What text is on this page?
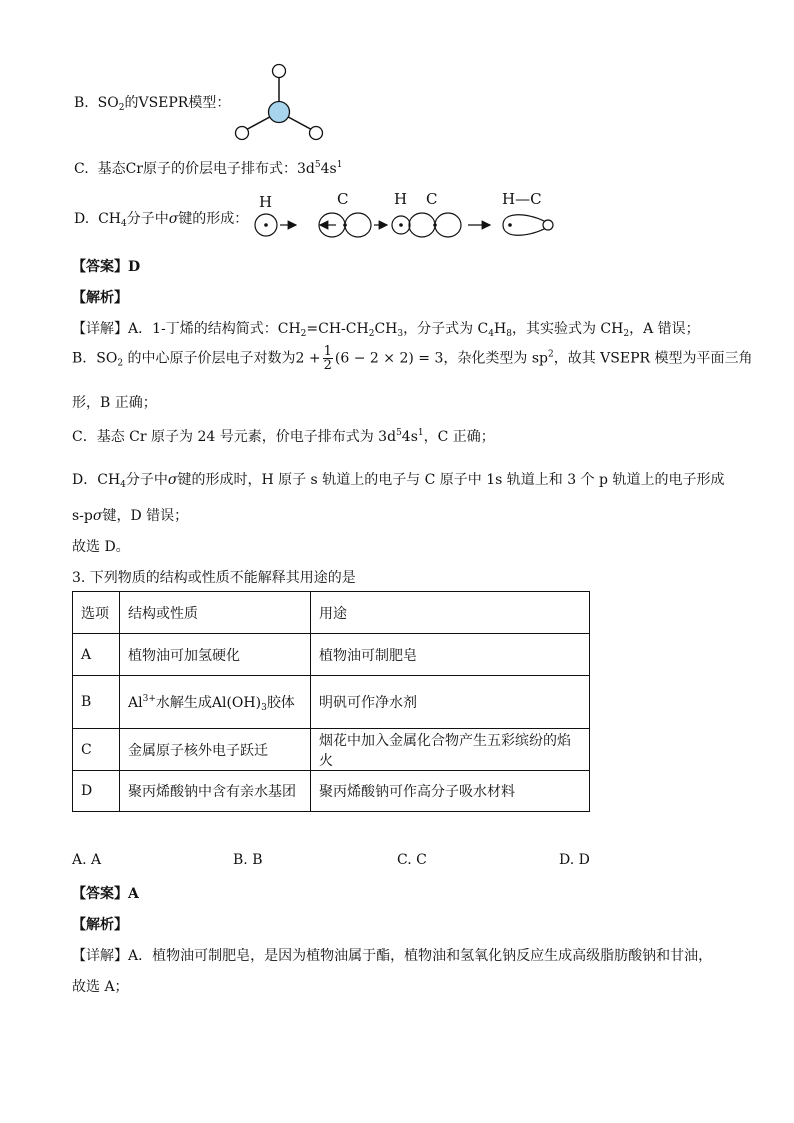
B. $SO_2$的VSEPR模型：
C. 基态Cr原子的价层电子排布式：$3d^54s^1$
D. $CH_4$分子中σ键的形成：
H	C	H C	H—C
【答案】D
【解析】
【详解】A．1-丁烯的结构简式：$CH_2=CH-CH_2CH_3$，分子式为 $C_4H_8$，其实验式为 $CH_2$，A 错误；
B．$SO_2$ 的中心原子价层电子对数为$2 + \frac{1}{2} (6 - 2 \times 2) = 3$，杂化类型为 $sp^2$，故其 VSEPR 模型为平面三角
形，B 正确；
C．基态 Cr 原子为 24 号元素，价电子排布式为 $3d^54s^1$，C 正确；
D．$CH_4$分子中σ键的形成时，H 原子 s 轨道上的电子与 C 原子中 1s 轨道上和 3 个 p 轨道上的电子形成
s-pσ键，D 错误；
故选 D。
3. 下列物质的结构或性质不能解释其用途的是
选项	结构或性质	用途
A	植物油可加氢硬化	植物油可制肥皂
B	$Al^{3+}$水解生成$Al(OH)_3$胶体	明矾可作净水剂
C	金属原子核外电子跃迁	烟花中加入金属化合物产生五彩缤纷的焰火
D	聚丙烯酸钠中含有亲水基团	聚丙烯酸钠可作高分子吸水材料
A. A	B. B	C. C	D. D
【答案】A
【解析】
【详解】A．植物油可制肥皂，是因为植物油属于酯，植物油和氢氧化钠反应生成高级脂肪酸钠和甘油，
故选 A；
